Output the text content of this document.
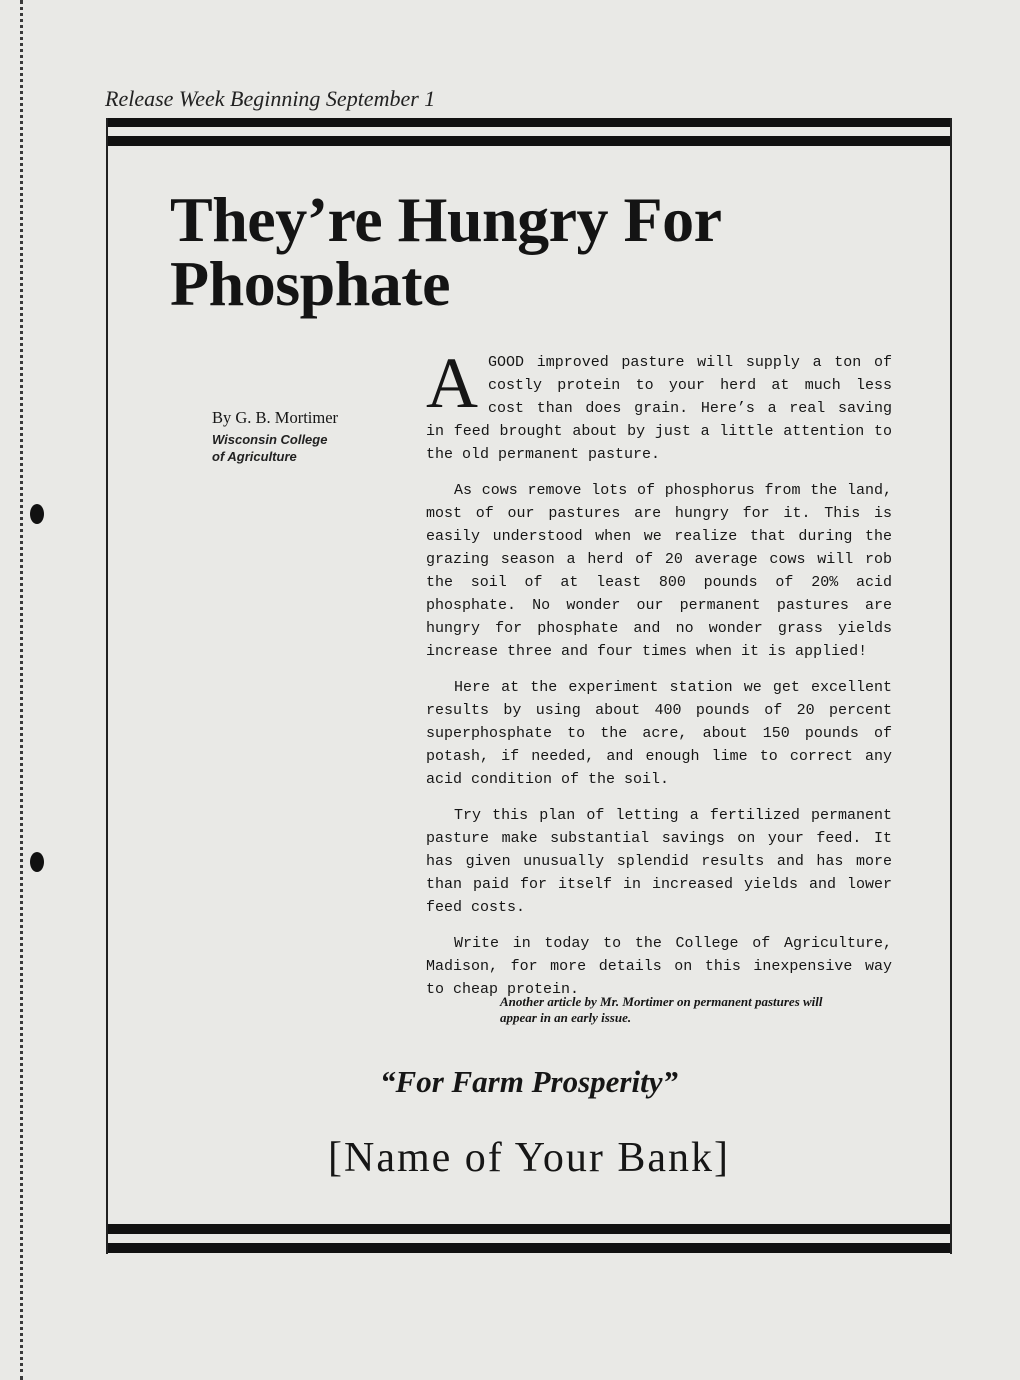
Release Week Beginning September 1
They’re Hungry For
Phosphate
By G. B. Mortimer
Wisconsin College
of Agriculture

AGOOD improved pasture will supply a ton of costly protein to your herd at much less cost than does grain. Here’s a real saving in feed brought about by just a little attention to the old permanent pasture.

As cows remove lots of phosphorus from the land, most of our pastures are hungry for it. This is easily understood when we realize that during the grazing season a herd of 20 average cows will rob the soil of at least 800 pounds of 20% acid phosphate. No wonder our permanent pastures are hungry for phosphate and no wonder grass yields increase three and four times when it is applied!

Here at the experiment station we get excellent results by using about 400 pounds of 20 percent superphosphate to the acre, about 150 pounds of potash, if needed, and enough lime to correct any acid condition of the soil.

Try this plan of letting a fertilized permanent pasture make substantial savings on your feed. It has given unusually splendid results and has more than paid for itself in increased yields and lower feed costs.

Write in today to the College of Agriculture, Madison, for more details on this inexpensive way to cheap protein.

Another article by Mr. Mortimer on permanent pastures will appear in an early issue.
“For Farm Prosperity”
[Name of Your Bank]
